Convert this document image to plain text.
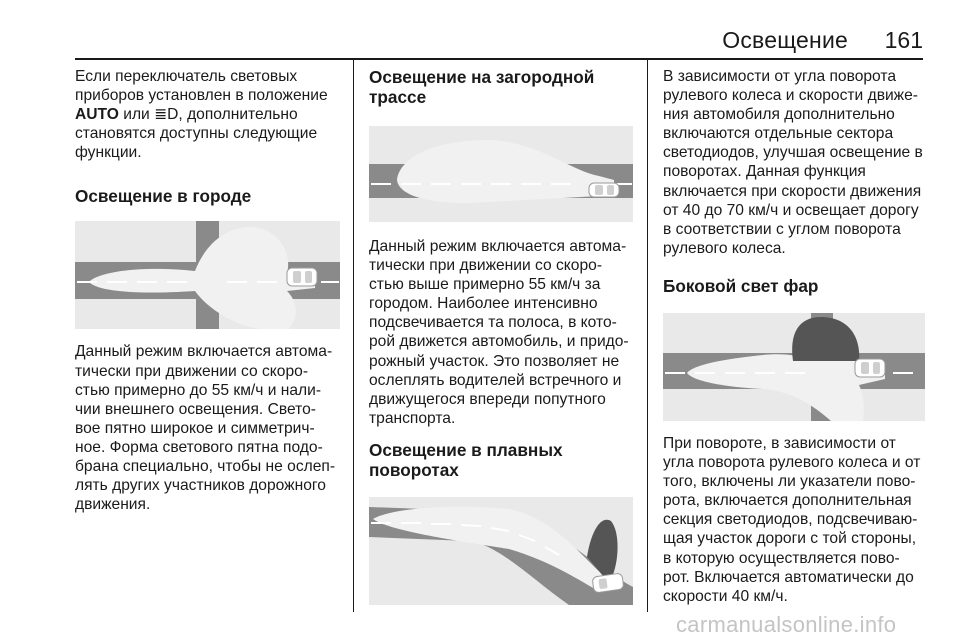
Освещение 161

Если переключатель световых приборов установлен в положение AUTO или ≣D, дополнительно становятся доступны следующие функции.

Освещение в городе

Данный режим включается автома-тически при движении со скоро-стью примерно до 55 км/ч и нали-чии внешнего освещения. Свето-вое пятно широкое и симметрич-ное. Форма светового пятна подо-брана специально, чтобы не ослеп-лять других участников дорожного движения.

Освещение на загородной трассе

Данный режим включается автома-тически при движении со скоро-стью выше примерно 55 км/ч за городом. Наиболее интенсивно подсвечивается та полоса, в кото-рой движется автомобиль, и придо-рожный участок. Это позволяет не ослеплять водителей встречного и движущегося впереди попутного транспорта.

Освещение в плавных поворотах

В зависимости от угла поворота рулевого колеса и скорости движе-ния автомобиля дополнительно включаются отдельные сектора светодиодов, улучшая освещение в поворотах. Данная функция включается при скорости движения от 40 до 70 км/ч и освещает дорогу в соответствии с углом поворота рулевого колеса.

Боковой свет фар

При повороте, в зависимости от угла поворота рулевого колеса и от того, включены ли указатели пово-рота, включается дополнительная секция светодиодов, подсвечиваю-щая участок дороги с той стороны, в которую осуществляется пово-рот. Включается автоматически до скорости 40 км/ч.

carmanualsonline.info
